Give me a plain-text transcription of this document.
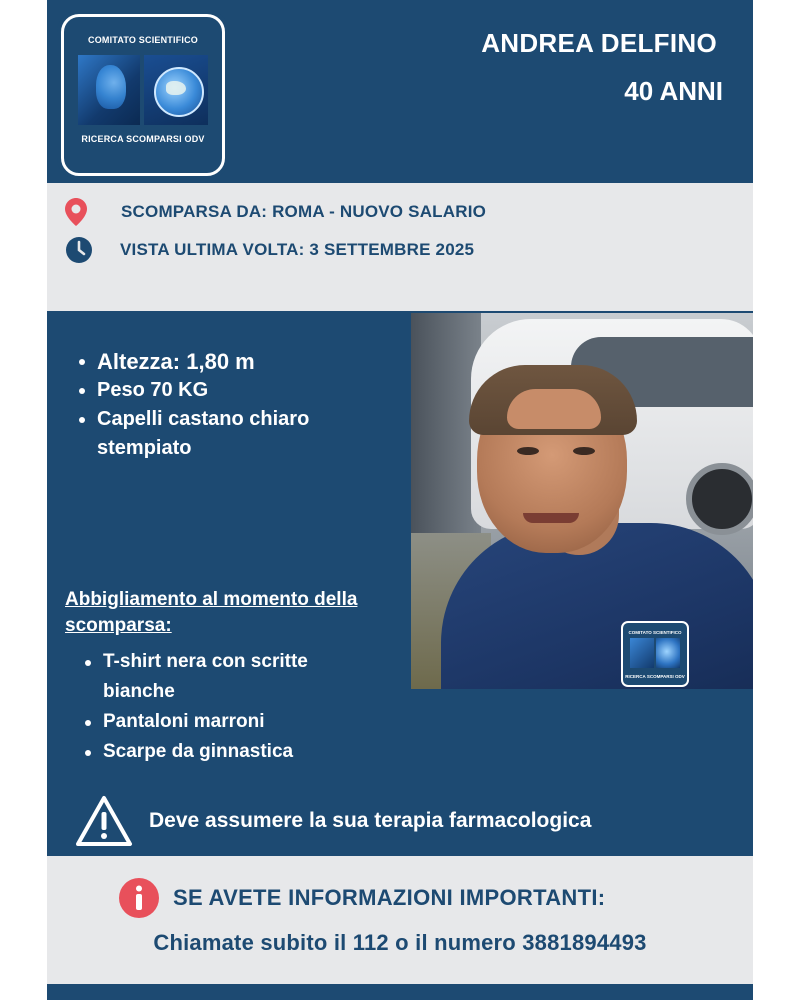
COMITATO SCIENTIFICO
RICERCA SCOMPARSI ODV
ANDREA DELFINO
40 ANNI
SCOMPARSA DA: ROMA - NUOVO SALARIO
VISTA ULTIMA VOLTA: 3 SETTEMBRE 2025
COMITATO SCIENTIFICO
RICERCA SCOMPARSI ODV
Altezza: 1,80 m
Peso 70 KG
Capelli castano chiaro stempiato
Abbigliamento al momento della scomparsa:
T-shirt nera con scritte bianche
Pantaloni marroni
Scarpe da ginnastica
Deve assumere la sua terapia farmacologica
SE AVETE INFORMAZIONI IMPORTANTI:
Chiamate subito il 112 o il numero 3881894493
